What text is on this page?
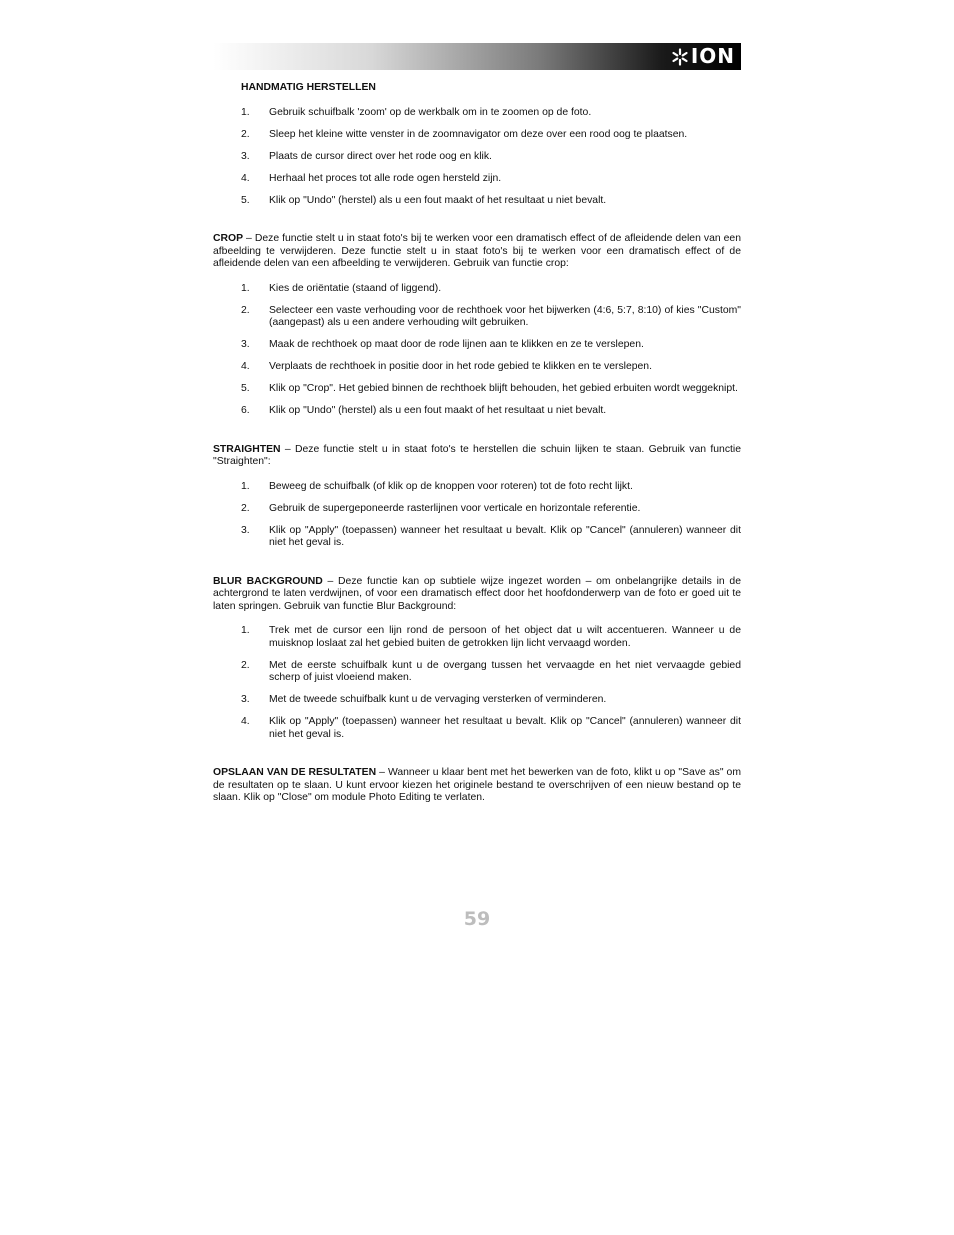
ION

HANDMATIG HERSTELLEN

1. Gebruik schuifbalk 'zoom' op de werkbalk om in te zoomen op de foto.
2. Sleep het kleine witte venster in de zoomnavigator om deze over een rood oog te plaatsen.
3. Plaats de cursor direct over het rode oog en klik.
4. Herhaal het proces tot alle rode ogen hersteld zijn.
5. Klik op "Undo" (herstel) als u een fout maakt of het resultaat u niet bevalt.

CROP – Deze functie stelt u in staat foto's bij te werken voor een dramatisch effect of de afleidende delen van een afbeelding te verwijderen. Deze functie stelt u in staat foto's bij te werken voor een dramatisch effect of de afleidende delen van een afbeelding te verwijderen. Gebruik van functie crop:

1. Kies de oriëntatie (staand of liggend).
2. Selecteer een vaste verhouding voor de rechthoek voor het bijwerken (4:6, 5:7, 8:10) of kies "Custom" (aangepast) als u een andere verhouding wilt gebruiken.
3. Maak de rechthoek op maat door de rode lijnen aan te klikken en ze te verslepen.
4. Verplaats de rechthoek in positie door in het rode gebied te klikken en te verslepen.
5. Klik op "Crop". Het gebied binnen de rechthoek blijft behouden, het gebied erbuiten wordt weggeknipt.
6. Klik op "Undo" (herstel) als u een fout maakt of het resultaat u niet bevalt.

STRAIGHTEN – Deze functie stelt u in staat foto's te herstellen die schuin lijken te staan. Gebruik van functie "Straighten":

1. Beweeg de schuifbalk (of klik op de knoppen voor roteren) tot de foto recht lijkt.
2. Gebruik de supergeponeerde rasterlijnen voor verticale en horizontale referentie.
3. Klik op "Apply" (toepassen) wanneer het resultaat u bevalt. Klik op "Cancel" (annuleren) wanneer dit niet het geval is.

BLUR BACKGROUND – Deze functie kan op subtiele wijze ingezet worden – om onbelangrijke details in de achtergrond te laten verdwijnen, of voor een dramatisch effect door het hoofdonderwerp van de foto er goed uit te laten springen. Gebruik van functie Blur Background:

1. Trek met de cursor een lijn rond de persoon of het object dat u wilt accentueren. Wanneer u de muisknop loslaat zal het gebied buiten de getrokken lijn licht vervaagd worden.
2. Met de eerste schuifbalk kunt u de overgang tussen het vervaagde en het niet vervaagde gebied scherp of juist vloeiend maken.
3. Met de tweede schuifbalk kunt u de vervaging versterken of verminderen.
4. Klik op "Apply" (toepassen) wanneer het resultaat u bevalt. Klik op "Cancel" (annuleren) wanneer dit niet het geval is.

OPSLAAN VAN DE RESULTATEN – Wanneer u klaar bent met het bewerken van de foto, klikt u op "Save as" om de resultaten op te slaan. U kunt ervoor kiezen het originele bestand te overschrijven of een nieuw bestand op te slaan. Klik op "Close" om module Photo Editing te verlaten.

59
